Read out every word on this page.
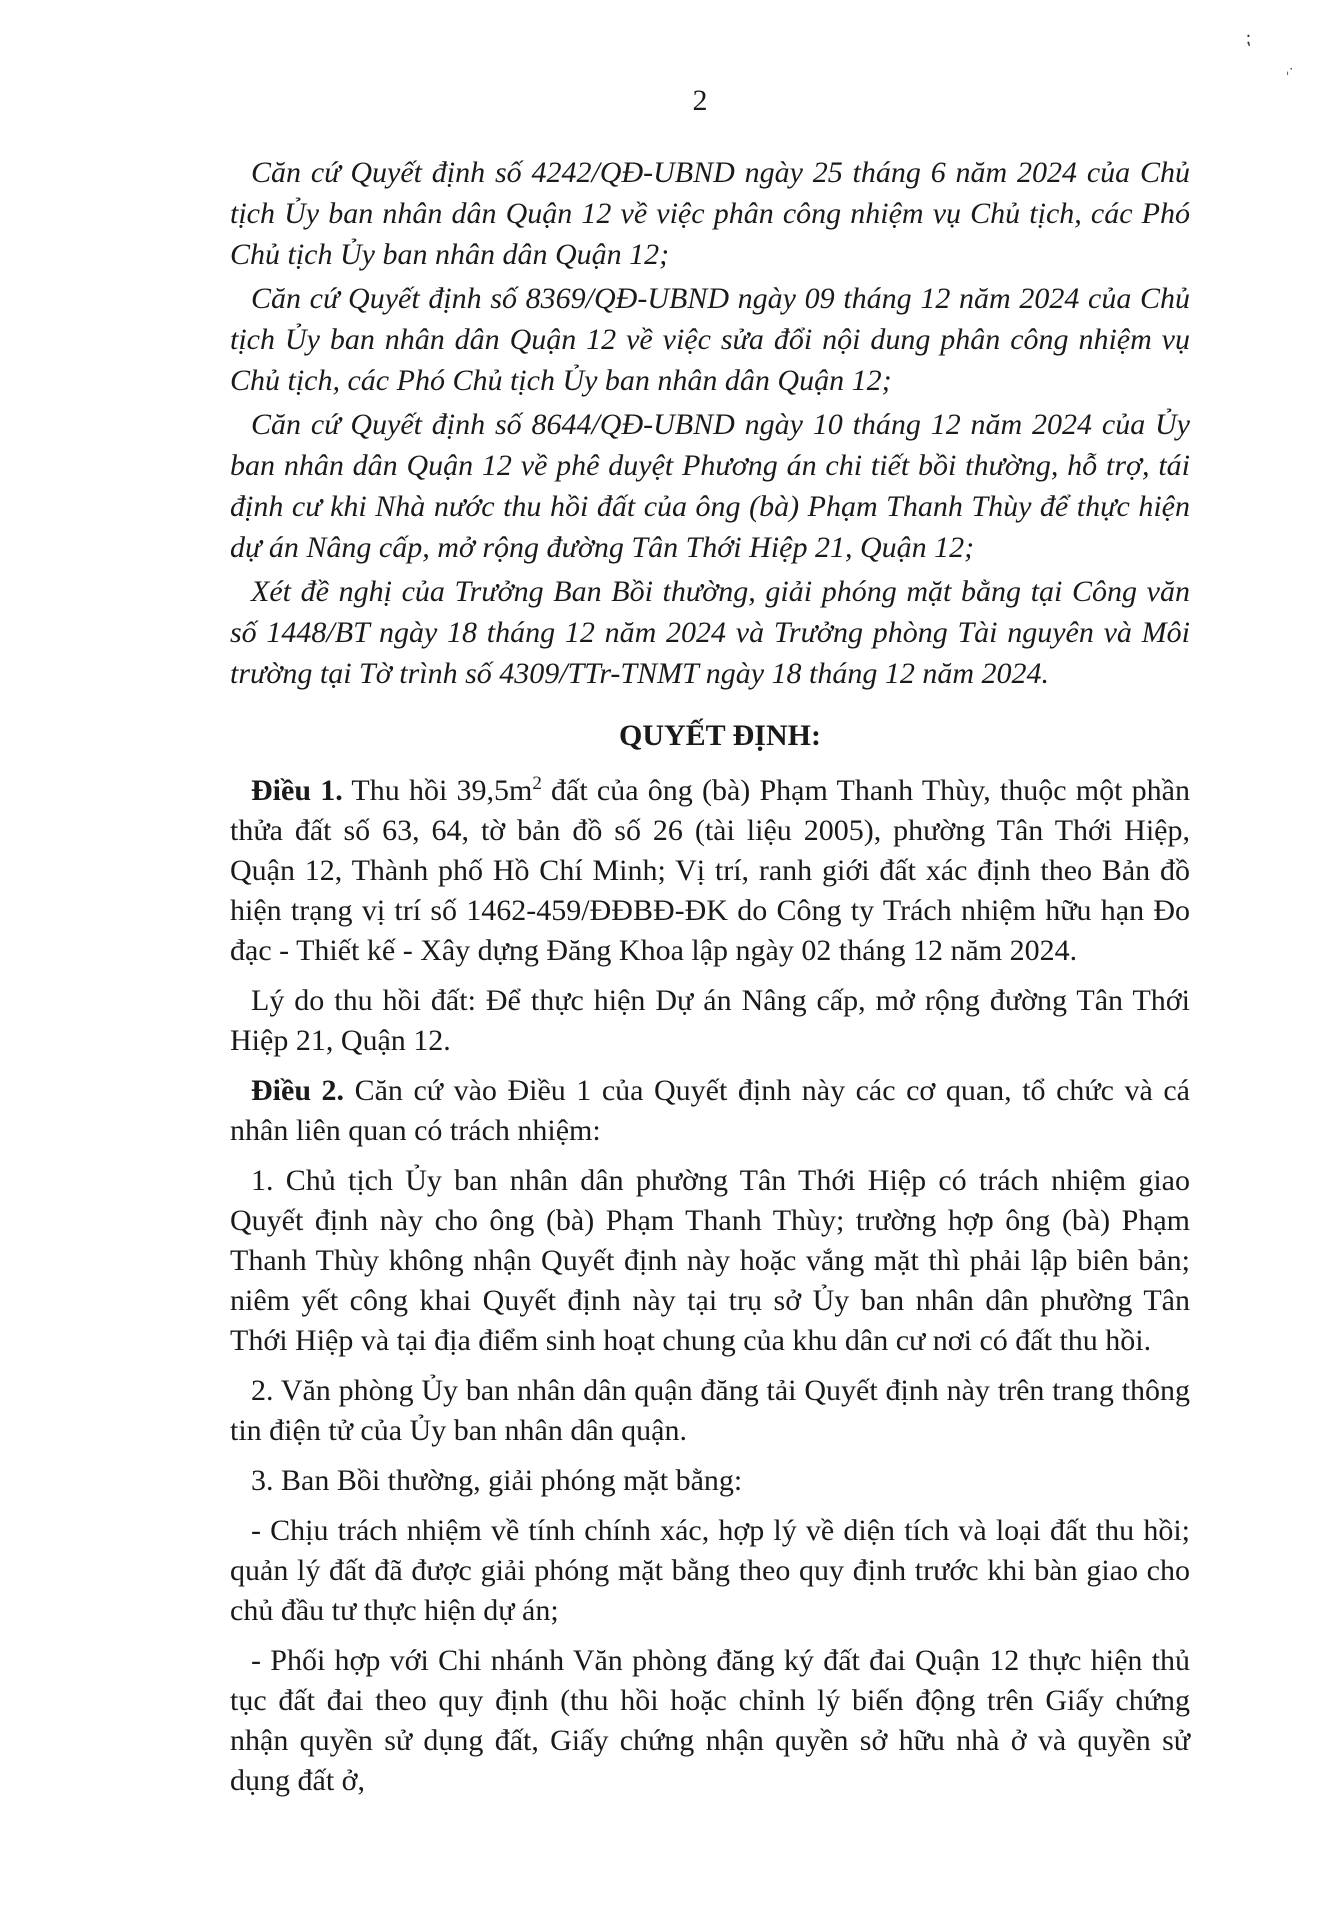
⁏
ˌ·
2

Căn cứ Quyết định số 4242/QĐ-UBND ngày 25 tháng 6 năm 2024 của Chủ tịch Ủy ban nhân dân Quận 12 về việc phân công nhiệm vụ Chủ tịch, các Phó Chủ tịch Ủy ban nhân dân Quận 12;

Căn cứ Quyết định số 8369/QĐ-UBND ngày 09 tháng 12 năm 2024 của Chủ tịch Ủy ban nhân dân Quận 12 về việc sửa đổi nội dung phân công nhiệm vụ Chủ tịch, các Phó Chủ tịch Ủy ban nhân dân Quận 12;

Căn cứ Quyết định số 8644/QĐ-UBND ngày 10 tháng 12 năm 2024 của Ủy ban nhân dân Quận 12 về phê duyệt Phương án chi tiết bồi thường, hỗ trợ, tái định cư khi Nhà nước thu hồi đất của ông (bà) Phạm Thanh Thùy để thực hiện dự án Nâng cấp, mở rộng đường Tân Thới Hiệp 21, Quận 12;

Xét đề nghị của Trưởng Ban Bồi thường, giải phóng mặt bằng tại Công văn số 1448/BT ngày 18 tháng 12 năm 2024 và Trưởng phòng Tài nguyên và Môi trường tại Tờ trình số 4309/TTr-TNMT ngày 18 tháng 12 năm 2024.

QUYẾT ĐỊNH:

Điều 1. Thu hồi $39,5m^2$ đất của ông (bà) Phạm Thanh Thùy, thuộc một phần thửa đất số 63, 64, tờ bản đồ số 26 (tài liệu 2005), phường Tân Thới Hiệp, Quận 12, Thành phố Hồ Chí Minh; Vị trí, ranh giới đất xác định theo Bản đồ hiện trạng vị trí số 1462-459/ĐĐBĐ-ĐK do Công ty Trách nhiệm hữu hạn Đo đạc - Thiết kế - Xây dựng Đăng Khoa lập ngày 02 tháng 12 năm 2024.

Lý do thu hồi đất: Để thực hiện Dự án Nâng cấp, mở rộng đường Tân Thới Hiệp 21, Quận 12.

Điều 2. Căn cứ vào Điều 1 của Quyết định này các cơ quan, tổ chức và cá nhân liên quan có trách nhiệm:

1. Chủ tịch Ủy ban nhân dân phường Tân Thới Hiệp có trách nhiệm giao Quyết định này cho ông (bà) Phạm Thanh Thùy; trường hợp ông (bà) Phạm Thanh Thùy không nhận Quyết định này hoặc vắng mặt thì phải lập biên bản; niêm yết công khai Quyết định này tại trụ sở Ủy ban nhân dân phường Tân Thới Hiệp và tại địa điểm sinh hoạt chung của khu dân cư nơi có đất thu hồi.

2. Văn phòng Ủy ban nhân dân quận đăng tải Quyết định này trên trang thông tin điện tử của Ủy ban nhân dân quận.

3. Ban Bồi thường, giải phóng mặt bằng:

- Chịu trách nhiệm về tính chính xác, hợp lý về diện tích và loại đất thu hồi; quản lý đất đã được giải phóng mặt bằng theo quy định trước khi bàn giao cho chủ đầu tư thực hiện dự án;

- Phối hợp với Chi nhánh Văn phòng đăng ký đất đai Quận 12 thực hiện thủ tục đất đai theo quy định (thu hồi hoặc chỉnh lý biến động trên Giấy chứng nhận quyền sử dụng đất, Giấy chứng nhận quyền sở hữu nhà ở và quyền sử dụng đất ở,
